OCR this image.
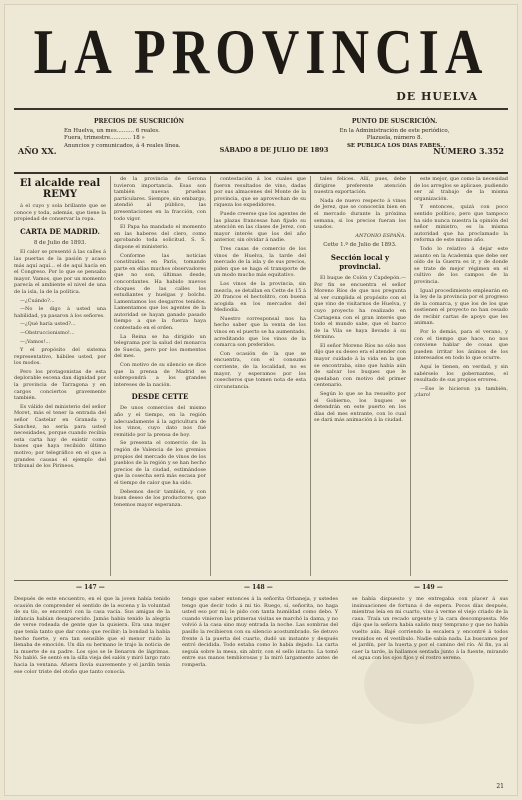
LA PROVINCIA
DE HUELVA
AÑO XX.
PRECIOS DE SUSCRICIÓN
En Huelva, un mes.......... 6 reales.
Fuera, trimestre............ 18 »
Anuncios y comunicados, á 4 reales línea.
SÁBADO 8 DE JULIO DE 1893
PUNTO DE SUSCRICIÓN.
En la Administración de este periódico,
Plazuela, número 8.
SE PUBLICA LOS DIAS FABES.
NÚMERO 3.352
El alcalde real REMY

á el cuyo y sola brillante que se conoce y toda, además, que tiene la propiedad de conservar la ropa.

CARTA DE MADRID.
8 de Julio de 1893.

El calor se presentó á las calles á las puertas de la pasión y acaso más aquí aquí... el de aquí hacía en el Congreso. Por lo que se pensaba mayor. Vamos, que por un momento parecía el ambiente el nivel de una de la isla, la de la política.

—¿Cuándo?...

—No le digo á usted una habilidad, ya pasaron á los señores.

—¿Qué haría usted?...

—Obstruccionismo!...

—¡Vamos!...

Y el propósito del sistema representativo, hábiles usted, por los modos.

Pero los protagonistas de esta deplorable escena dan dignidad por la provincia de Tarragona y en cargos conciertos gravemente también.

Es válido del ministerio del señor Moret, más el tener la entrada del señor Castelar en Granada y Sanchez, no sería para usted necesidades, porque cuando recibía esta carta hay de existir como bases que haya recibido último motivo; por telegráfico en el que a grandes causas el ejemplo del tribunal de los Pirineos.

de la provincia de Gerona tuvieron importancia. Esas son también nuevas pruebas particulares. Siempre, sin embargo, atendió al público, las presentaciones en la fracción, con todo vigor.

El Papa ha mandado el momento en las haberes del clero, como aprobando toda solicitud. S. S. dispone el ministerio.

Conforme las noticias constituidas en París, tomando parte en ellas muchos observadores que no son, últimas desde, concordantes. Ha habido nuevos choques de las calles los estudiantes y huelgas y bolchs. Lamentamos los desgarros tenidos. Lamentamos que los agentes de la autoridad se hayan ganado pasado tiempo a que la fuerza haya contestado en el orden.

La Reina se ha dirigido un telegrama por la salud del monarca de Suecia, pero por los momentos del mes.

Con motivo de su silencio se dice que la prensa de Madrid se sobrepondrá a los grandes intereses de la nación.

DESDE CETTE

De unos comercios del mismo año y el tiempo, en la región adecuadamente á la agricultura de los vinos, cuyo dato nos fué remitido por la prensa de hoy.

Se presenta el comercio de la región de Valencia de los gremios propios del mercado de vinos de los pueblos de la región y se han hecho precios de la ciudad, estimándose que la cosecha será más escasa por el tiempo de calor que ha sido.

Debemos decir también, y con buen deseo de los productores, que tenemos mayor esperanza.

contestación á los cuales que fueron resultados de vino, dadas por sus almacenes del Monte de la provincia, que se aprovechan de su riqueza los expedidores.

Puede creerse que los agentes de las plazas francesas han fijado su atención en las clases de Jerez, con mayor interés que los del año anterior, sin olvidar á nadie.

Tres casas de comercio de los vinos de Huelva, la tarde del mercado de la isla y de sus precios, piden que se haga el transporte de un modo mucho más equitativo.

Los vinos de la provincia, sin mezcla, se detallan en Cette de 15 á 20 francos el hectolitro, con buena acogida en los mercados del Mediodía.

Nuestro corresponsal nos ha hecho saber que la venta de los vinos en el puerto se ha aumentado, acreditando que los vinos de la comarca son preferidos.

Con ocasión de la que se encuentra, con el consumo corriente, de la localidad, no es mayor, y esperamos por los cosecheros que tomen nota de esta circunstancia.

tales felices. Allí, pues, debe dirigirse preferente atención nuestra exportación.

Nada de nuevo respecto á vinos de Jerez, que se conocerán bien en el mercado durante la próxima semana, si los precios fueran los usados.

ANTONIO ESPAÑA.
Cette 1.º de Julio de 1893.
Sección local y provincial.

El buque de Colón y Capdepón.—Por fin se encuentra el señor Moreno Ríos de que nos pregunta al ver cumplida el propósito con el que vino de visitarnos de Huelva, y cuyo proyecto ha realizado en Cartagena con el gran interés que todo el mundo sabe, que el barco de la Vila se haya llevado á su término.

El señor Moreno Ríos no sólo nos dijo que su deseo era el atender con mayor cuidado á la vida en la que se encontraba, sino que había aún de salvar los buques que le quedaban con motivo del primer centenario.

Según lo que se ha resuelto por el Gobierno, los buques se detendrán en este puerto en los días del mes entrante, con lo cual se dará más animación á la ciudad.

este mejor, que como la necesidad de los arreglos se aplicase, pudiendo ser al trabajo de la misma organización.

Y entonces, quizá con poco sentido político, pero que tampoco ha sido nunca nuestra la opinión del señor ministro, es la misma autoridad que ha proclamado la reforma de este mismo año.

Todo lo relativo á dejar este asunto en la Academia que debe ser oído de la Guerra es ir, y de donde se trate de mejor régimen en el cultivo de los campos de la provincia.

Igual procedimiento emplearán en la ley de la provincia por el progreso de la comarca, y que los de los que sostienen el proyecto no han cesado de recibir cartas de apoyo que les animan.

Por lo demás, para el verano, y con el tiempo que hace, no nos conviene hablar de cosas que pueden irritar los ánimos de los interesados en todo lo que ocurre.

Aquí le tienen, en verdad, y sin sabérselo los gobernantes, el resultado de sus propios errores.

—Ese le hicieron ya también, ¡claro!

— 147 —	— 148 —	— 149 —
Después de este encuentro, en el que la joven había tenido ocasión de comprender el sentido de la escena y la voluntad de su tío, se encontró con la casa vacía. Sus amigas de la infancia habían desaparecido. Jamás había tenido la alegría de verse rodeada de gente que la quisiera. Era una mujer que tenía tanto que dar como que recibir; la bondad la había hecho fuerte, y era tan sensible que el menor ruido la llenaba de emoción. Un día su hermano le trajo la noticia de la muerte de su padre. Los ojos se le llenaron de lágrimas. No habló. Se sentó en la silla vieja del salón y miró largo rato hacia la ventana. Afuera llovía suavemente y el jardín tenía ese color triste del otoño que tanto conocía.
tengo que saber entonces á la señorita Orbaneja, y ustedes tengo que decir todo á mi tío. Ruego, sí, señorita, no haga usted eso por mí; le pido con tanta humildad como debo. Y cuando vinieron las primeras visitas se marchó la dama, y no volvió á la casa sino muy entrada la noche. Las sombras del pasillo la recibieron con su silencio acostumbrado. Se detuvo frente á la puerta del cuarto, dudó un instante y después entró decidida. Todo estaba como lo había dejado. La carta seguía sobre la mesa, sin abrir, con el sello intacto. La tomó entre sus manos temblorosas y la miró largamente antes de romperla.
se había dispuesto y me entregaba con placer á sus insinuaciones de fortuna ó de espera. Pocos días después, mientras leía en mi cuarto, vino á verme el viejo criado de la casa. Traía un recado urgente y la cara descompuesta. Me dijo que la señora había salido muy temprano y que no había vuelto aún. Bajé corriendo la escalera y encontré á todos reunidos en el vestíbulo. Nadie sabía nada. La buscamos por el jardín, por la huerta y por el camino del río. Al fin, ya al caer la tarde, la hallamos sentada junto á la fuente, mirando el agua con los ojos fijos y el rostro sereno.
21
